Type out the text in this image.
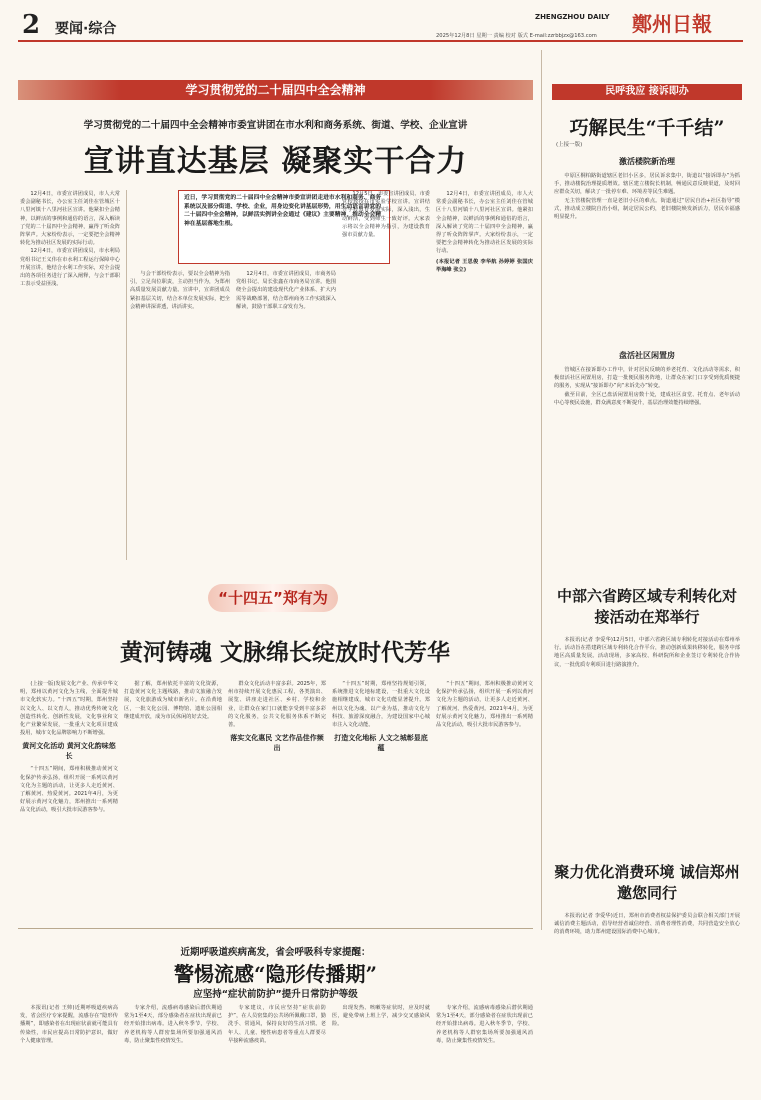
2 要闻·综合
ZHENGZHOU DAILY 鄭州日報
2025年12月8日 星期一 责编 校对 版式 E-mail:zzrbbjzx@163.com
学习贯彻党的二十届四中全会精神
学习贯彻党的二十届四中全会精神市委宣讲团在市水利和商务系统、街道、学校、企业宣讲
宣讲直达基层 凝聚实干合力

12月4日，市委宣讲团成员，市人大常委会副秘书长，办公室主任刘佳在管城区十八里河镇十八里河社区宣讲。他紧扣全会精神，以鲜活的事例和通俗的语言，深入解读了党的二十届四中全会精神，赢得了听众阵阵掌声。大家纷纷表示，一定要把全会精神转化为推动社区发展的实际行动。

12月4日，市委宣讲团成员，市水利局党组书记王义伟在市水利工程运行保障中心开展宣讲，他结合水利工作实际，对全会提出的各项任务进行了深入阐释，与会干部职工表示受益匪浅。

近日，学习贯彻党的二十届四中全会精神市委宣讲团走进市水利和商务、商务系统以及部分街道、学校、企业，用身边变化讲基层形势，用生动语言讲党的二十届四中全会精神，以鲜活实例讲全会通过《建议》主要精神，推动全会精神在基层落地生根。

与会干部纷纷表示，要以全会精神为指引，立足岗位职责，主动担当作为，为郑州高质量发展贡献力量。宣讲中，宣讲团成员紧扣基层关切，结合本单位发展实际，把全会精神讲深讲透，讲活讲实。

12月4日，市委宣讲团成员，市商务局党组书记、局长张鑫在市商务局宣讲。他围绕全会提出的建设现代化产业体系、扩大内需等战略部署，结合郑州商务工作实践深入解读，鼓励干部职工奋发有为。

12月5日，市委宣讲团成员、市委党校教授在市实验学校宣讲。宣讲结合学校教育发展实际，深入浅出，生动鲜活，受到师生一致好评。大家表示将以全会精神为指引，为建设教育强市贡献力量。

12月4日，市委宣讲团成员，市人大常委会副秘书长，办公室主任刘佳在管城区十八里河镇十八里河社区宣讲。他紧扣全会精神，以鲜活的事例和通俗的语言，深入解读了党的二十届四中全会精神，赢得了听众阵阵掌声。大家纷纷表示，一定要把全会精神转化为推动社区发展的实际行动。

(本报记者 王思俊 李华航 孙婷婷 张国庆 毕海峰 张立)
“十四五”郑有为
黄河铸魂 文脉绵长绽放时代芳华

(上接一版)发展文化产业、传承中华文明，郑州以黄河文化为主线，全面提升城市文化软实力。“十四五”时期，郑州坚持以文化人、以文育人，推动优秀传统文化创造性转化、创新性发展，文化事业和文化产业繁荣发展，一批重大文化项目建成投用，城市文化品牌影响力不断增强。

黄河文化活动 黄河文化韵味悠长

“十四五”期间，郑州积极推动黄河文化保护传承弘扬，组织开展一系列以黄河文化为主题的活动，让更多人走近黄河、了解黄河、热爱黄河。2021年4月，为更好展示黄河文化魅力，郑州推出一系列精品文化活动，吸引大批市民游客参与。

据了解，郑州依托丰富的文化资源，打造黄河文化主题线路，推动文旅融合发展，文化旅游成为城市新名片。在沿黄地区，一批文化公园、博物馆、遗址公园相继建成开放，成为市民休闲的好去处。

群众文化活动丰富多彩。2025年，郑州市持续开展文化惠民工程，各类演出、展览、讲座走进社区、乡村、学校和企业，让群众在家门口就能享受到丰富多彩的文化服务，公共文化服务体系不断完善。

落实文化惠民 文艺作品佳作频出

“十四五”时期，郑州坚持规划引领，系统推进文化地标建设，一批重大文化设施相继建成，城市文化功能显著提升。郑州以文化为魂、以产业为基，推动文化与科技、旅游深度融合，为建设国家中心城市注入文化动能。

打造文化地标 人文之城彰显底蕴

“十四五”期间，郑州积极推动黄河文化保护传承弘扬，组织开展一系列以黄河文化为主题的活动，让更多人走近黄河、了解黄河、热爱黄河。2021年4月，为更好展示黄河文化魅力，郑州推出一系列精品文化活动，吸引大批市民游客参与。

民呼我应 接诉即办
巧解民生“千千结”
(上接一版)
激活楼院新治理

中原区桐柏路街道辖区老旧小区多，居民诉求集中，街道以“接诉即办”为抓手，推动楼院治理提质增效。辖区建立楼院长机制，畅通民意反映渠道，及时回应群众关切，解决了一批停车难、环境差等民生难题。

无主管楼院管理一直是老旧小区的难点。街道通过“居民自治+社区指导”模式，推动成立楼院自治小组，制定居民公约，老旧楼院焕发新活力，居民幸福感明显提升。

盘活社区闲置房

管城区在接诉即办工作中，针对居民反映的养老托育、文化活动等需求，积极盘活社区闲置用房，打造一批便民服务阵地，让群众在家门口享受到优质便捷的服务，实现从“接诉即办”向“未诉先办”转变。

截至目前，全区已盘活闲置用房数十处，建成社区食堂、托育点、老年活动中心等便民设施，群众满意度不断提升，基层治理效能持续增强。

中部六省跨区域专利转化对接活动在郑举行

本报讯(记者 李爱华)12月5日，中部六省跨区域专利转化对接活动在郑州举行。活动旨在搭建跨区域专利转化合作平台，推动创新成果转移转化，服务中部地区高质量发展。活动现场，多家高校、科研院所和企业签订专利转化合作协议，一批优质专利项目进行路演推介。

聚力优化消费环境 诚信郑州邀您同行

本报讯(记者 李爱华)近日，郑州市消费者权益保护委员会联合相关部门开展诚信消费主题活动，倡导经营者诚信经营、消费者理性消费，共同营造安全放心的消费环境，助力郑州建设国际消费中心城市。

近期呼吸道疾病高发，省会呼吸科专家提醒：
警惕流感“隐形传播期”
应坚持“症状前防护”提升日常防护等级

本报讯(记者 王帅)近期呼吸道疾病高发，省会医疗专家提醒，流感存在“隐形传播期”，即感染者在出现症状前就可能具有传染性，市民应提高日常防护意识，做好个人健康管理。

专家介绍，流感病毒感染后潜伏期通常为1至4天，部分感染者在症状出现前已经开始排出病毒。进入秋冬季节，学校、养老机构等人群密集场所要加强通风消毒，防止聚集性疫情发生。

专家建议，市民应坚持“症状前防护”，在人员密集的公共场所佩戴口罩，勤洗手、常通风，保持良好的生活习惯。老年人、儿童、慢性病患者等重点人群要尽早接种流感疫苗。

出现发热、咳嗽等症状时，应及时就医，避免带病上班上学，减少交叉感染风险。

专家介绍，流感病毒感染后潜伏期通常为1至4天，部分感染者在症状出现前已经开始排出病毒。进入秋冬季节，学校、养老机构等人群密集场所要加强通风消毒，防止聚集性疫情发生。
